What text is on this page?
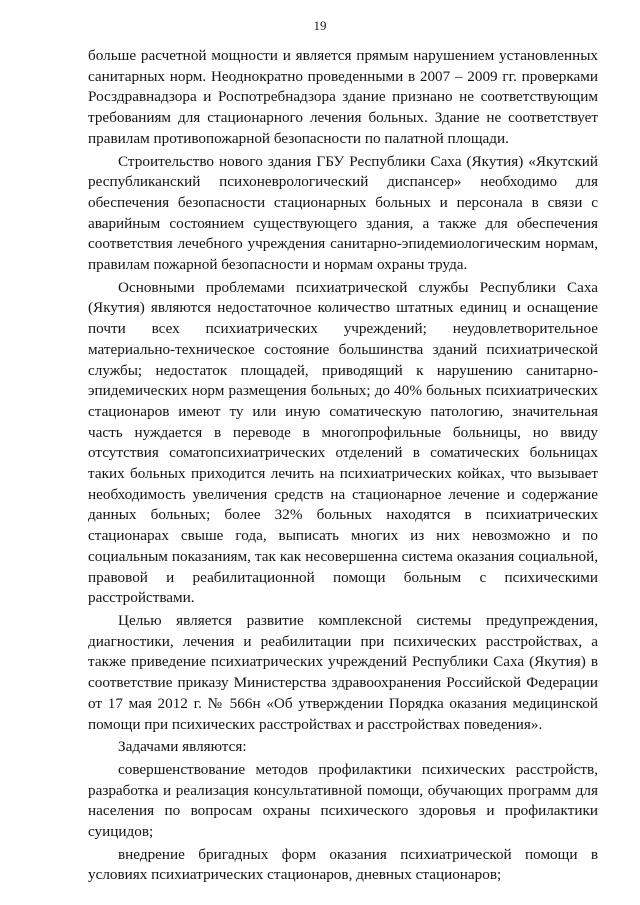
19

больше расчетной мощности и является прямым нарушением установленных санитарных норм. Неоднократно проведенными в 2007 – 2009 гг. проверками Росздравнадзора и Роспотребнадзора здание признано не соответствующим требованиям для стационарного лечения больных. Здание не соответствует правилам противопожарной безопасности по палатной площади.

Строительство нового здания ГБУ Республики Саха (Якутия) «Якутский республиканский психоневрологический диспансер» необходимо для обеспечения безопасности стационарных больных и персонала в связи с аварийным состоянием существующего здания, а также для обеспечения соответствия лечебного учреждения санитарно-эпидемиологическим нормам, правилам пожарной безопасности и нормам охраны труда.

Основными проблемами психиатрической службы Республики Саха (Якутия) являются недостаточное количество штатных единиц и оснащение почти всех психиатрических учреждений; неудовлетворительное материально-техническое состояние большинства зданий психиатрической службы; недостаток площадей, приводящий к нарушению санитарно-эпидемических норм размещения больных; до 40% больных психиатрических стационаров имеют ту или иную соматическую патологию, значительная часть нуждается в переводе в многопрофильные больницы, но ввиду отсутствия соматопсихиатрических отделений в соматических больницах таких больных приходится лечить на психиатрических койках, что вызывает необходимость увеличения средств на стационарное лечение и содержание данных больных; более 32% больных находятся в психиатрических стационарах свыше года, выписать многих из них невозможно и по социальным показаниям, так как несовершенна система оказания социальной, правовой и реабилитационной помощи больным с психическими расстройствами.

Целью является развитие комплексной системы предупреждения, диагностики, лечения и реабилитации при психических расстройствах, а также приведение психиатрических учреждений Республики Саха (Якутия) в соответствие приказу Министерства здравоохранения Российской Федерации от 17 мая 2012 г. № 566н «Об утверждении Порядка оказания медицинской помощи при психических расстройствах и расстройствах поведения».

Задачами являются:

совершенствование методов профилактики психических расстройств, разработка и реализация консультативной помощи, обучающих программ для населения по вопросам охраны психического здоровья и профилактики суицидов;

внедрение бригадных форм оказания психиатрической помощи в условиях психиатрических стационаров, дневных стационаров;
